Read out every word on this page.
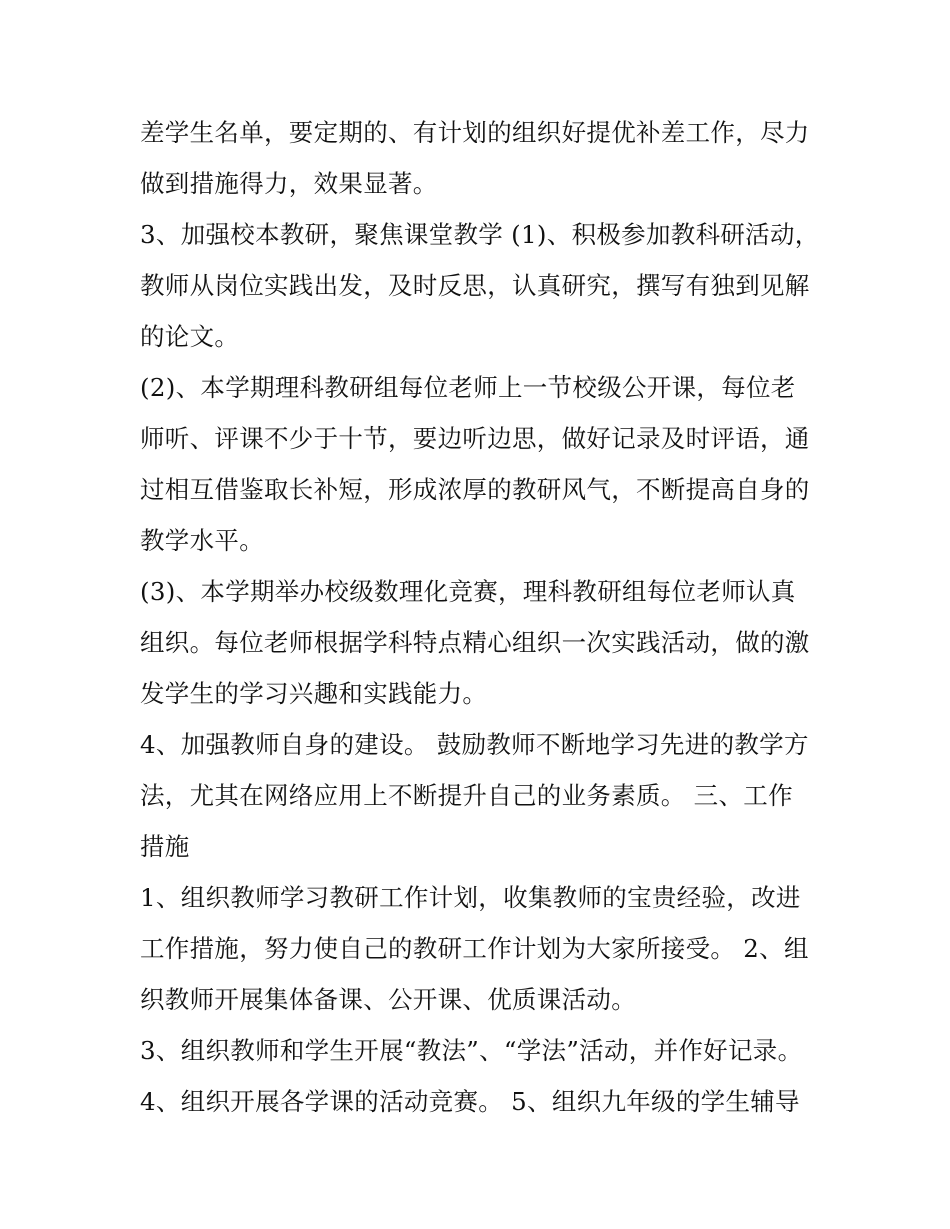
差学生名单，要定期的、有计划的组织好提优补差工作，尽力
做到措施得力，效果显著。
3、加强校本教研，聚焦课堂教学 (1)、积极参加教科研活动，
教师从岗位实践出发，及时反思，认真研究，撰写有独到见解
的论文。
(2)、本学期理科教研组每位老师上一节校级公开课，每位老
师听、评课不少于十节，要边听边思，做好记录及时评语，通
过相互借鉴取长补短，形成浓厚的教研风气，不断提高自身的
教学水平。
(3)、本学期举办校级数理化竞赛，理科教研组每位老师认真
组织。每位老师根据学科特点精心组织一次实践活动，做的激
发学生的学习兴趣和实践能力。
4、加强教师自身的建设。 鼓励教师不断地学习先进的教学方
法，尤其在网络应用上不断提升自己的业务素质。 三、工作
措施
1、组织教师学习教研工作计划，收集教师的宝贵经验，改进
工作措施，努力使自己的教研工作计划为大家所接受。 2、组
织教师开展集体备课、公开课、优质课活动。
3、组织教师和学生开展“教法”、“学法”活动，并作好记录。
4、组织开展各学课的活动竞赛。 5、组织九年级的学生辅导
